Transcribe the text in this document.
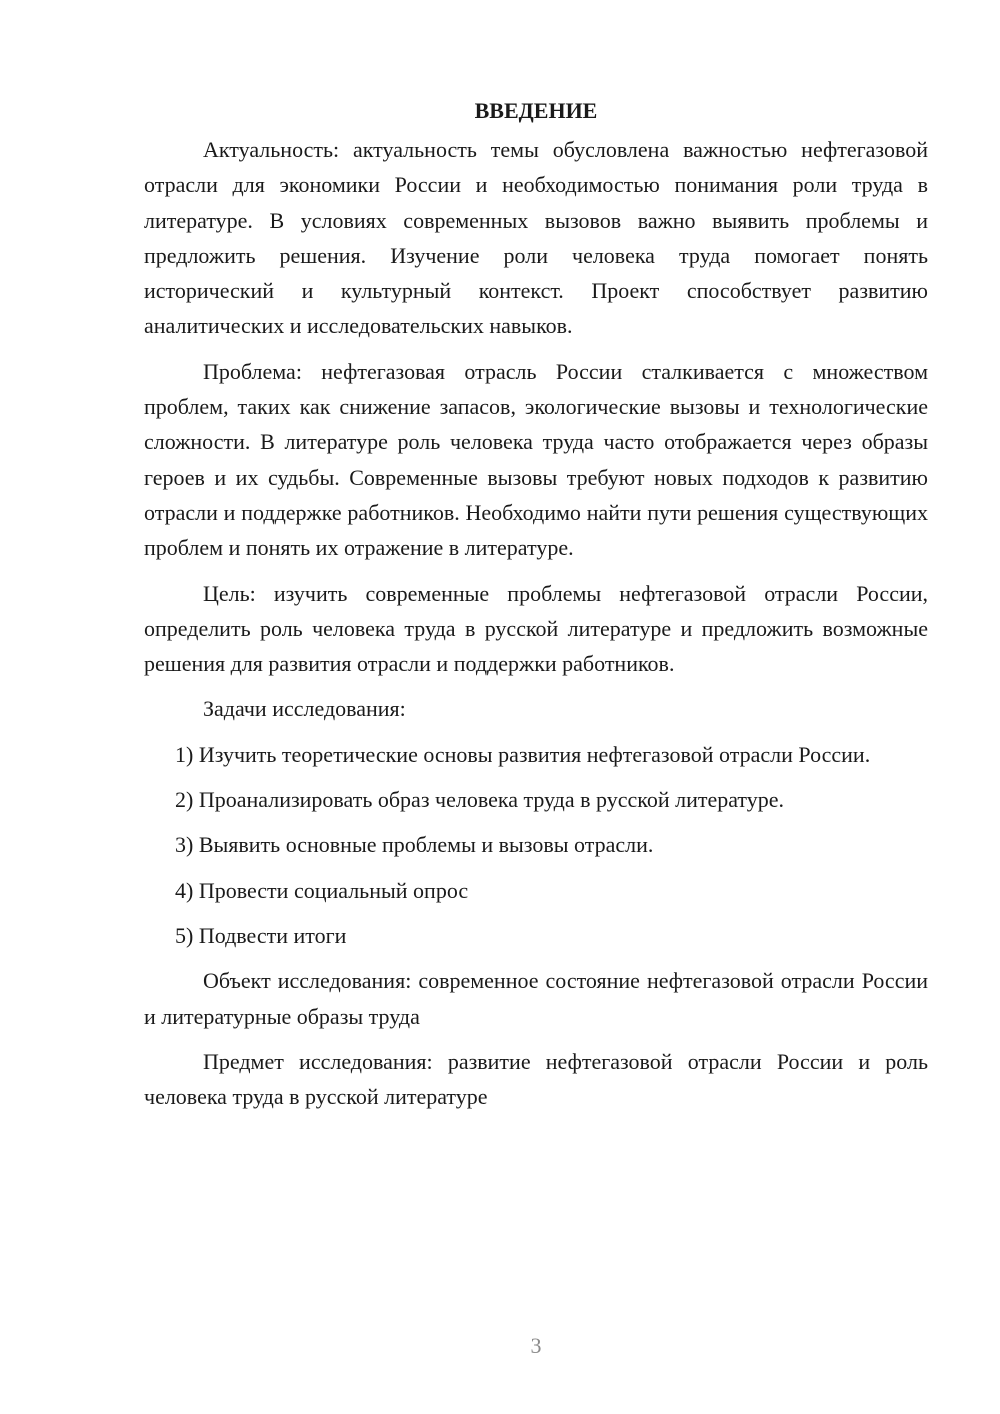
ВВЕДЕНИЕ

Актуальность: актуальность темы обусловлена важностью нефтегазовой отрасли для экономики России и необходимостью понимания роли труда в литературе. В условиях современных вызовов важно выявить проблемы и предложить решения. Изучение роли человека труда помогает понять исторический и культурный контекст. Проект способствует развитию аналитических и исследовательских навыков.

Проблема: нефтегазовая отрасль России сталкивается с множеством проблем, таких как снижение запасов, экологические вызовы и технологические сложности. В литературе роль человека труда часто отображается через образы героев и их судьбы. Современные вызовы требуют новых подходов к развитию отрасли и поддержке работников. Необходимо найти пути решения существующих проблем и понять их отражение в литературе.

Цель: изучить современные проблемы нефтегазовой отрасли России, определить роль человека труда в русской литературе и предложить возможные решения для развития отрасли и поддержки работников.

Задачи исследования:

1) Изучить теоретические основы развития нефтегазовой отрасли России.

2) Проанализировать образ человека труда в русской литературе.

3) Выявить основные проблемы и вызовы отрасли.

4) Провести социальный опрос

5) Подвести итоги

Объект исследования: современное состояние нефтегазовой отрасли России и литературные образы труда

Предмет исследования: развитие нефтегазовой отрасли России и роль человека труда в русской литературе

3
